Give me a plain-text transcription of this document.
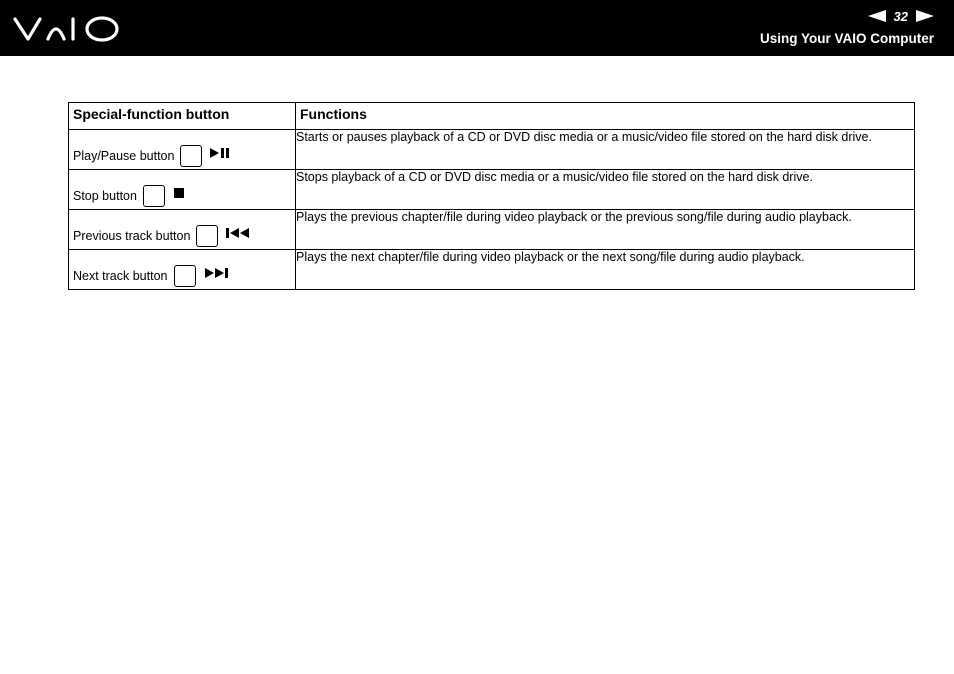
32
Using Your VAIO Computer
Special-function button	Functions

Play/Pause button	Starts or pauses playback of a CD or DVD disc media or a music/video file stored on the hard disk drive.

Stop button	Stops playback of a CD or DVD disc media or a music/video file stored on the hard disk drive.

Previous track button	Plays the previous chapter/file during video playback or the previous song/file during audio playback.

Next track button	Plays the next chapter/file during video playback or the next song/file during audio playback.
